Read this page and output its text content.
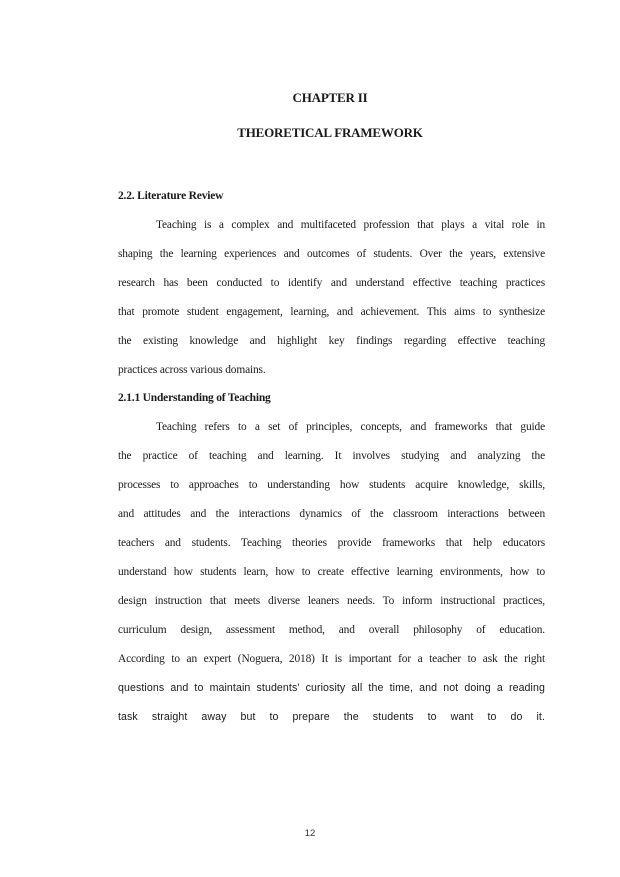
CHAPTER II
THEORETICAL FRAMEWORK
2.2. Literature Review
Teaching is a complex and multifaceted profession that plays a vital role in
shaping the learning experiences and outcomes of students. Over the years, extensive
research has been conducted to identify and understand effective teaching practices
that promote student engagement, learning, and achievement. This aims to synthesize
the existing knowledge and highlight key findings regarding effective teaching
practices across various domains.
2.1.1 Understanding of Teaching
Teaching refers to a set of principles, concepts, and frameworks that guide
the practice of teaching and learning. It involves studying and analyzing the
processes to approaches to understanding how students acquire knowledge, skills,
and attitudes and the interactions dynamics of the classroom interactions between
teachers and students. Teaching theories provide frameworks that help educators
understand how students learn, how to create effective learning environments, how to
design instruction that meets diverse leaners needs. To inform instructional practices,
curriculum design, assessment method, and overall philosophy of education.
According to an expert (Noguera, 2018) It is important for a teacher to ask the right
questions and to maintain students' curiosity all the time, and not doing a reading
task straight away but to prepare the students to want to do it.
12
